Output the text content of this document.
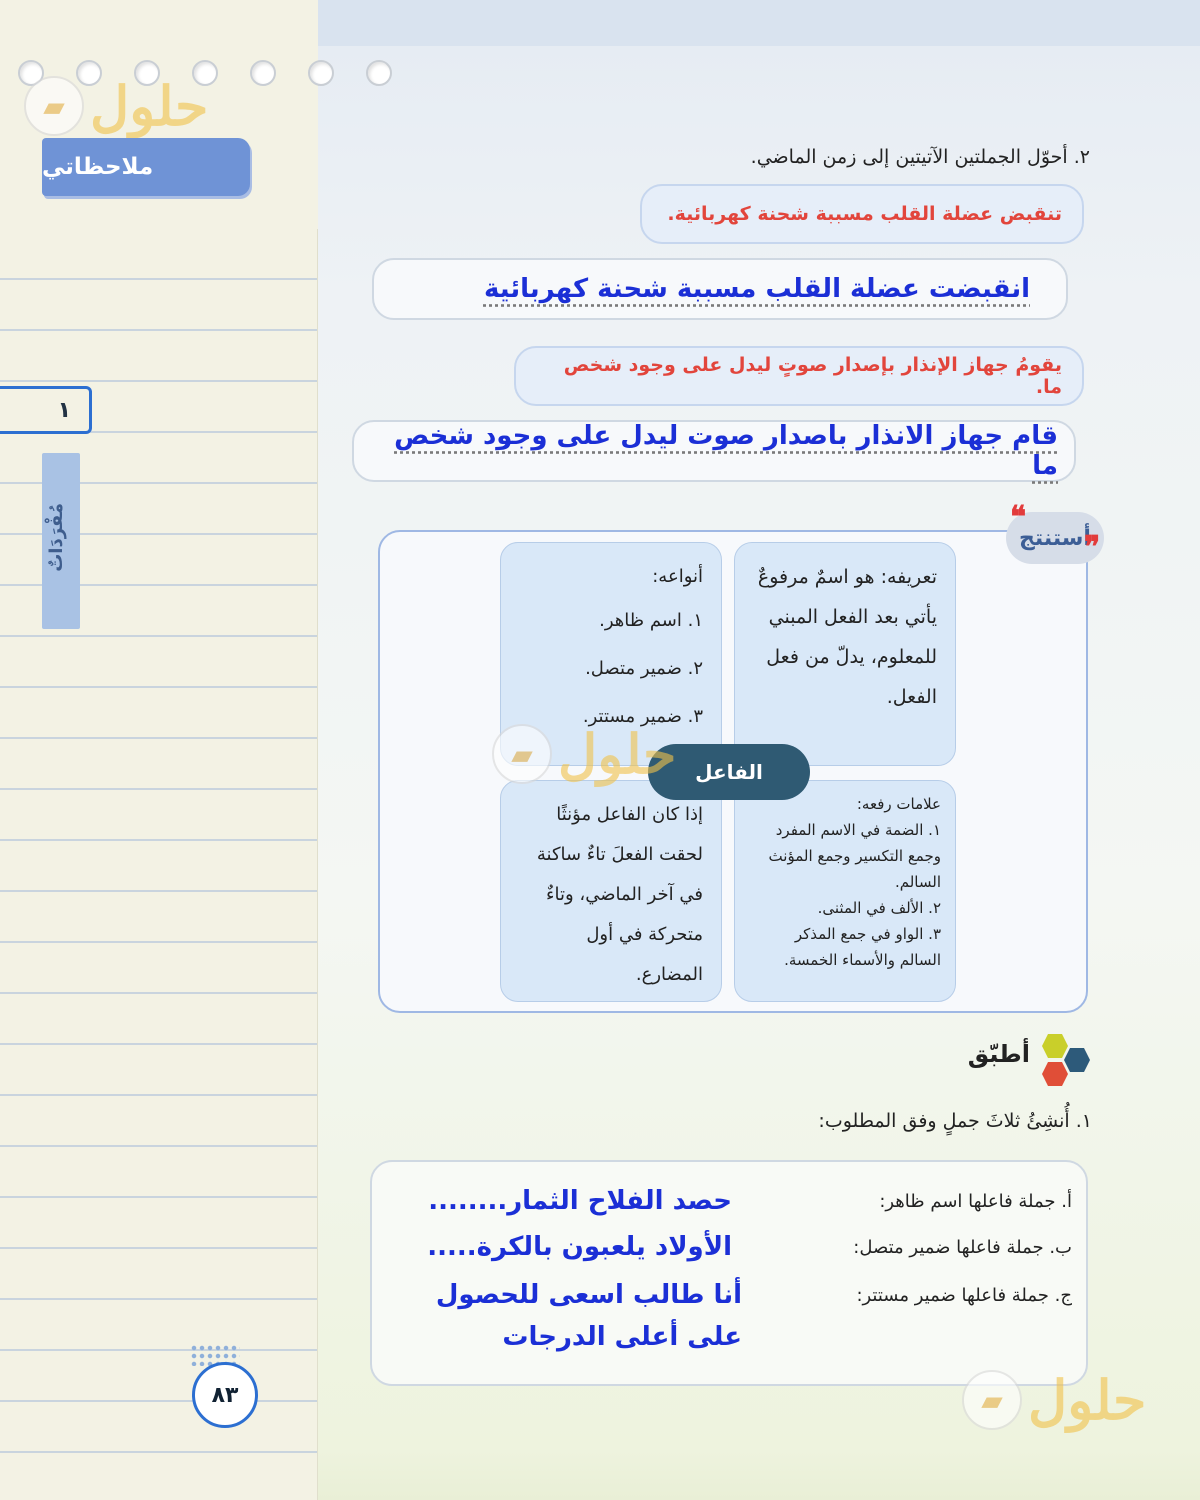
▰ حلول
ملاحظاتي
١
مُفْرَدَاتٌ
٨٣
٢. أحوّل الجملتين الآتيتين إلى زمن الماضي.
تنقبض عضلة القلب مسببة شحنة كهربائية.
انقبضت عضلة القلب مسببة شحنة كهربائية
يقومُ جهاز الإنذار بإصدار صوتٍ ليدل على وجود شخص ما.
قام جهاز الانذار باصدار صوت ليدل على وجود شخص ما
أستنتج
❝
❞
تعريفه: هو اسمٌ مرفوعٌ يأتي بعد الفعل المبني للمعلوم، يدلّ من فعل الفعل.
أنواعه:
١. اسم ظاهر.
٢. ضمير متصل.
٣. ضمير مستتر.
علامات رفعه:
١. الضمة في الاسم المفرد وجمع التكسير وجمع المؤنث السالم.
٢. الألف في المثنى.
٣. الواو في جمع المذكر السالم والأسماء الخمسة.
إذا كان الفاعل مؤنثًا لحقت الفعلَ تاءٌ ساكنة في آخر الماضي، وتاءٌ متحركة في أول المضارع.
الفاعل
▰ حلول
أطبّق
١. أُنشِئُ ثلاثَ جملٍ وفق المطلوب:
أ. جملة فاعلها اسم ظاهر:
حصد الفلاح الثمار........
ب. جملة فاعلها ضمير متصل:
الأولاد يلعبون بالكرة.....
ج. جملة فاعلها ضمير مستتر:
أنا طالب اسعى للحصول
على أعلى الدرجات
▰ حلول
